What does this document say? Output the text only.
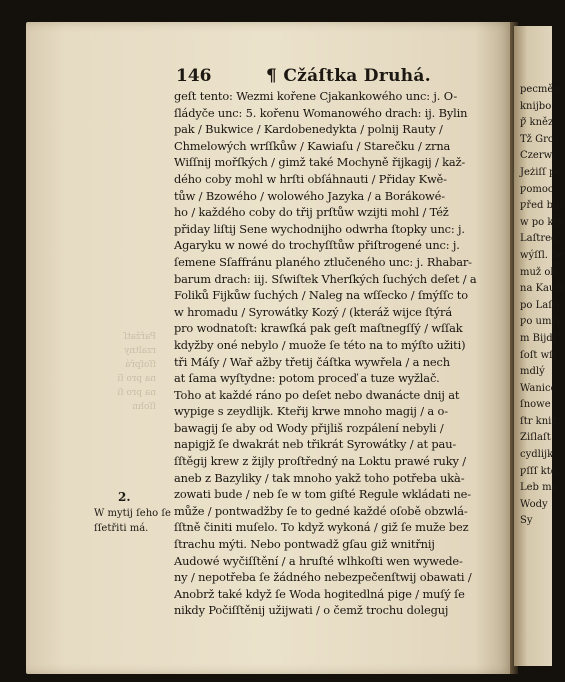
pecměn
knijbo
ƿ̃ kněz
Tž Gro
Czerwi
Jeżiſſ pě
ƿomoc
ƿřed bijč
w po kte
Laſtrec
wýſſl. Se
muž ob
na Kauří
po Laſſi
ƿo umří
m Bijdl
ſoſt wſſ
mdlý
Wanice
ſnowe
ſtr kniž
Ziſlaſt
cydlijk
ƿſſſ kte
Leb mo
Wody
Sy
Pařžatſ
rzaltny
ſſoſpřá
na pro ſi
na pro ſi
ſſohn
146	¶ Cžáſtka Druhá.
geſt tento: Wezmi kořene Cjakankowého unc: j. O-
ſládyče unc: 5. kořenu Womanowého drach: ij. Bylin
pak / Bukwice / Kardobenedykta / polnij Rauty /
Chmelowých wrſſkůw / Kawiaſu / Starečku / zrna
Wiſſnij mořſkých / gimž také Mochyně řijkagij / kaž-
dého coby mohl w hrſti obſáhnauti / Přiday Kwě-
tůw / Bzowého / wolowého Jazyka / a Borákowé-
ho / každého coby do třij prſtůw wzijti mohl / Též
přiday liſtij Sene wychodnijho odwrha ſtopky unc: j.
Agaryku w nowé do trochyſſtůw přiſtrogené unc: j.
ſemene Sſaffránu planého ztlučeného unc: j. Rhabar-
barum drach: iij. Sſwiſtek Vherſkých ſuchých deſet / a
Foliků Fijkůw ſuchých / Naleg na wſſecko / ſmýſſc to
w hromadu / Syrowátky Kozý / (kteráž wijce ſtýrá
pro wodnatoſt: krawſká pak geſt maſtnegſſý / wſſak
kdyžby oné nebylo / muože ſe této na to mýſto užiti)
tři Máſy / Wař ažby třetij čáſtka wywřela / a nech
at ſama wyſtydne: potom proceď a tuze wyžlač.
Toho at každé ráno po deſet nebo dwanácte dnij at
wypige s zeydlijk. Kteřij krwe mnoho magij / a o-
bawagij ſe aby od Wody přijliš rozpálení nebyli /
napigjž ſe dwakrát neb třikrát Syrowátky / at pau-
ſſtěgij krew z žijly proſtředný na Loktu prawé ruky /
aneb z Bazyliky / tak mnoho yakž toho potřeba ukà-
zowati bude / neb ſe w tom giſté Regule wkládati ne-
může / pontwadžby ſe to gedné každé oſobě obzwlá-
ſſtně činiti muſelo. To když wykoná / giž ſe muže bez
ſtrachu mýti. Nebo pontwadž gſau giž wnitřnij
Audowé wyčiſſtění / a hruſté wlhkoſti wen wywede-
ny / nepotřeba ſe žádného nebezpečenſtwij obawati /
Anobrž také když ſe Woda hogitedlná pige / muſý ſe
nikdy Počiſſtěnij užijwati / o čemž trochu doleguj
2.
W mytij ſeho ſe ſſetřiti má.
